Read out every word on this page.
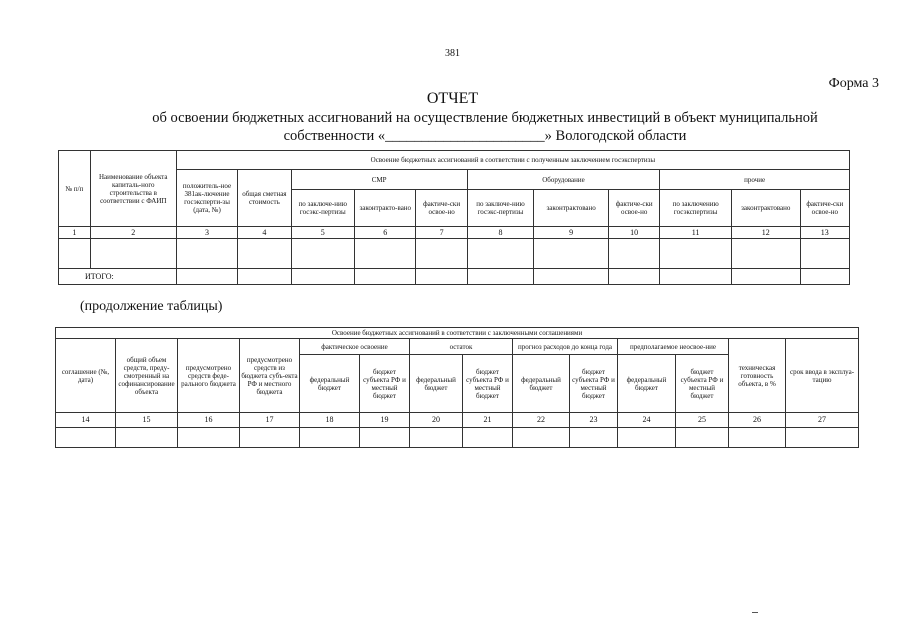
381
Форма 3
ОТЧЕТ
об освоении бюджетных ассигнований на осуществление бюджетных инвестиций в объект муниципальной
собственности «______________________» Вологодской области
№ п/п	Наименование объекта капиталь-ного строительства в соответствии с ФАИП	Освоение бюджетных ассигнований в соответствии с полученным заключением госэкспертизы										
		положитель-ное 381ак-лючение госэксперти-зы (дата, №)	общая сметная стоимость	СМР			Оборудование			прочие		
				по заключе-нию госэкс-пертизы	законтракто-вано	фактиче-ски освое-но	по заключе-нию госэкс-пертизы	законтрактовано	фактиче-ски освое-но	по заключению госэкспертизы	законтрактовано	фактиче-ски освое-но
1	2	3	4	5	6	7	8	9	10	11	12	13

ИТОГО:												
(продолжение таблицы)
Освоение бюджетных ассигнований в соответствии с заключенными соглашениями													
соглашение (№, дата)	общий объем средств, преду-смотренный на софинансирование объекта	предусмотрено средств феде-рального бюджета	предусмотрено средств из бюджета субъ-екта РФ и местного бюджета	фактическое освоение		остаток		прогноз расходов до конца года		предполагаемое неосвое-ние		техническая готовность объекта, в %	срок ввода в эксплуа-тацию
				федеральный бюджет	бюджет субъекта РФ и местный бюджет	федеральный бюджет	бюджет субъекта РФ и местный бюджет	федеральный бюджет	бюджет субъекта РФ и местный бюджет	федеральный бюджет	бюджет субъекта РФ и местный бюджет		
14	15	16	17	18	19	20	21	22	23	24	25	26	27
